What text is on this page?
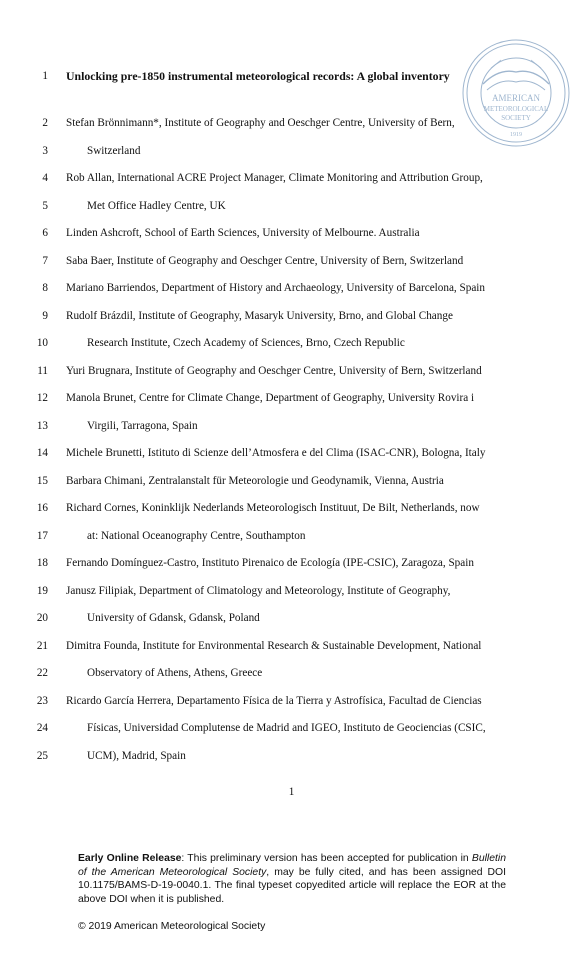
AMERICAN
METEOROLOGICAL
SOCIETY
1919
1 Unlocking pre-1850 instrumental meteorological records: A global inventory
2 Stefan Brönnimann*, Institute of Geography and Oeschger Centre, University of Bern,
3	Switzerland
4 Rob Allan, International ACRE Project Manager, Climate Monitoring and Attribution Group,
5	Met Office Hadley Centre, UK
6 Linden Ashcroft, School of Earth Sciences, University of Melbourne. Australia
7 Saba Baer, Institute of Geography and Oeschger Centre, University of Bern, Switzerland
8 Mariano Barriendos, Department of History and Archaeology, University of Barcelona, Spain
9 Rudolf Brázdil, Institute of Geography, Masaryk University, Brno, and Global Change
10	Research Institute, Czech Academy of Sciences, Brno, Czech Republic
11 Yuri Brugnara, Institute of Geography and Oeschger Centre, University of Bern, Switzerland
12 Manola Brunet, Centre for Climate Change, Department of Geography, University Rovira i
13	Virgili, Tarragona, Spain
14 Michele Brunetti, Istituto di Scienze dell’Atmosfera e del Clima (ISAC-CNR), Bologna, Italy
15 Barbara Chimani, Zentralanstalt für Meteorologie und Geodynamik, Vienna, Austria
16 Richard Cornes, Koninklijk Nederlands Meteorologisch Instituut, De Bilt, Netherlands, now
17	at: National Oceanography Centre, Southampton
18 Fernando Domínguez-Castro, Instituto Pirenaico de Ecología (IPE-CSIC), Zaragoza, Spain
19 Janusz Filipiak, Department of Climatology and Meteorology, Institute of Geography,
20	University of Gdansk, Gdansk, Poland
21 Dimitra Founda, Institute for Environmental Research & Sustainable Development, National
22	Observatory of Athens, Athens, Greece
23 Ricardo García Herrera, Departamento Física de la Tierra y Astrofísica, Facultad de Ciencias
24	Físicas, Universidad Complutense de Madrid and IGEO, Instituto de Geociencias (CSIC,
25	UCM), Madrid, Spain
1
Early Online Release: This preliminary version has been accepted for publication in Bulletin of the American Meteorological Society, may be fully cited, and has been assigned DOI 10.1175/BAMS-D-19-0040.1. The final typeset copyedited article will replace the EOR at the above DOI when it is published.
© 2019 American Meteorological Society
